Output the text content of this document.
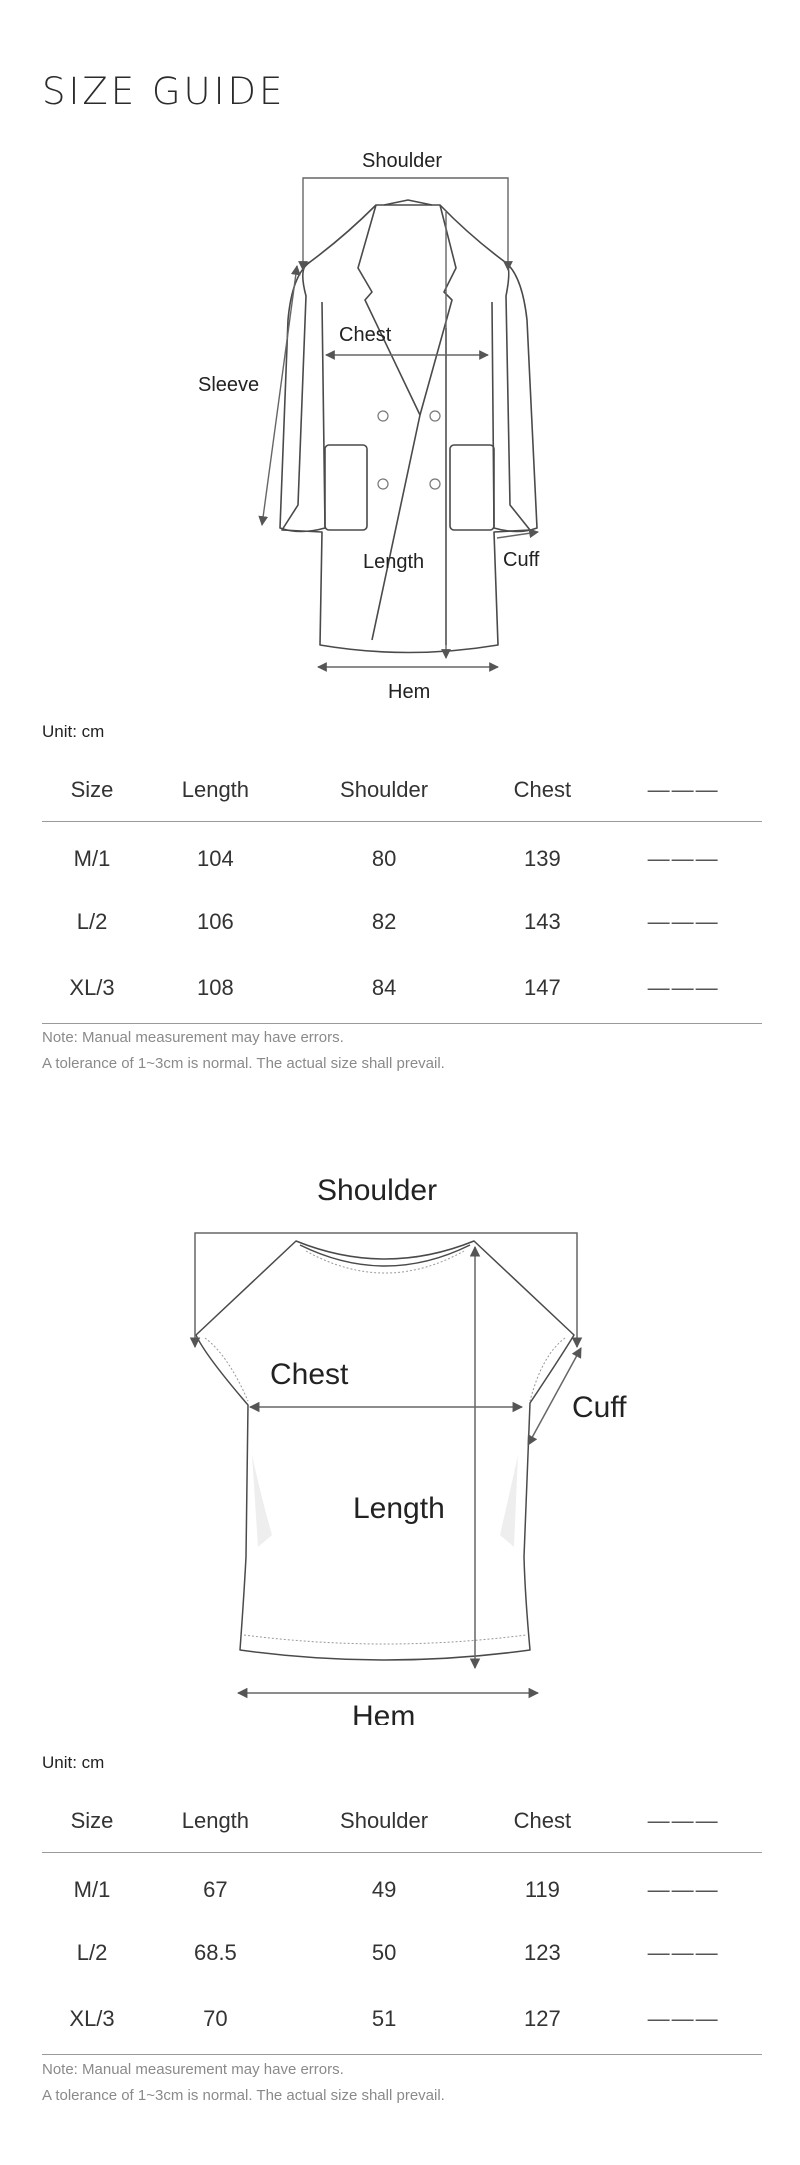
SIZE GUIDE
Shoulder
Chest
Sleeve
Length	Cuff
Hem
Unit: cm
Size	Length	Shoulder	Chest	———
M/1	104	80	139	———
L/2	106	82	143	———
XL/3	108	84	147	———
Note: Manual measurement may have errors.
A tolerance of 1~3cm is normal. The actual size shall prevail.
Shoulder
Chest
Cuff
Length
Hem
Unit: cm
Size	Length	Shoulder	Chest	———
M/1	67	49	119	———
L/2	68.5	50	123	———
XL/3	70	51	127	———
Note: Manual measurement may have errors.
A tolerance of 1~3cm is normal. The actual size shall prevail.
